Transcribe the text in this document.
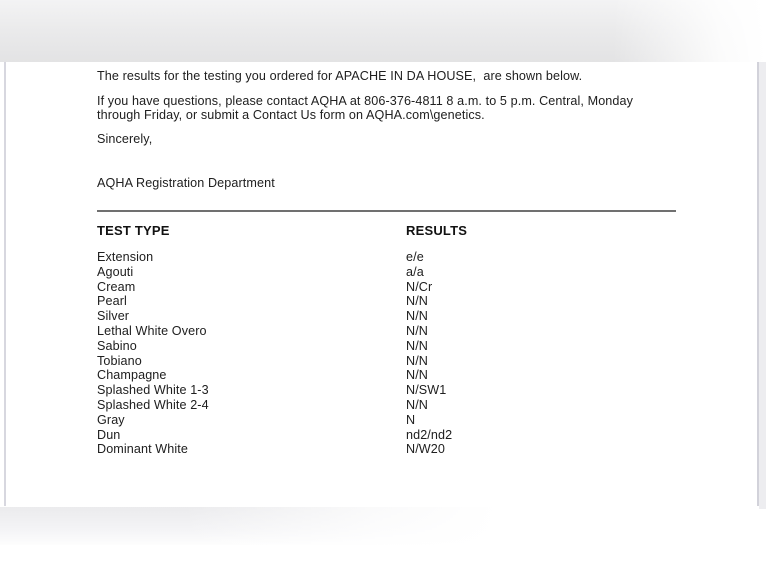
The results for the testing you ordered for APACHE IN DA HOUSE,  are shown below.

If you have questions, please contact AQHA at 806-376-4811 8 a.m. to 5 p.m. Central, Monday
through Friday, or submit a Contact Us form on AQHA.com\genetics.

Sincerely,

AQHA Registration Department

TEST TYPE	RESULTS
Extension	e/e
Agouti	a/a
Cream	N/Cr
Pearl	N/N
Silver	N/N
Lethal White Overo	N/N
Sabino	N/N
Tobiano	N/N
Champagne	N/N
Splashed White 1-3	N/SW1
Splashed White 2-4	N/N
Gray	N
Dun	nd2/nd2
Dominant White	N/W20
